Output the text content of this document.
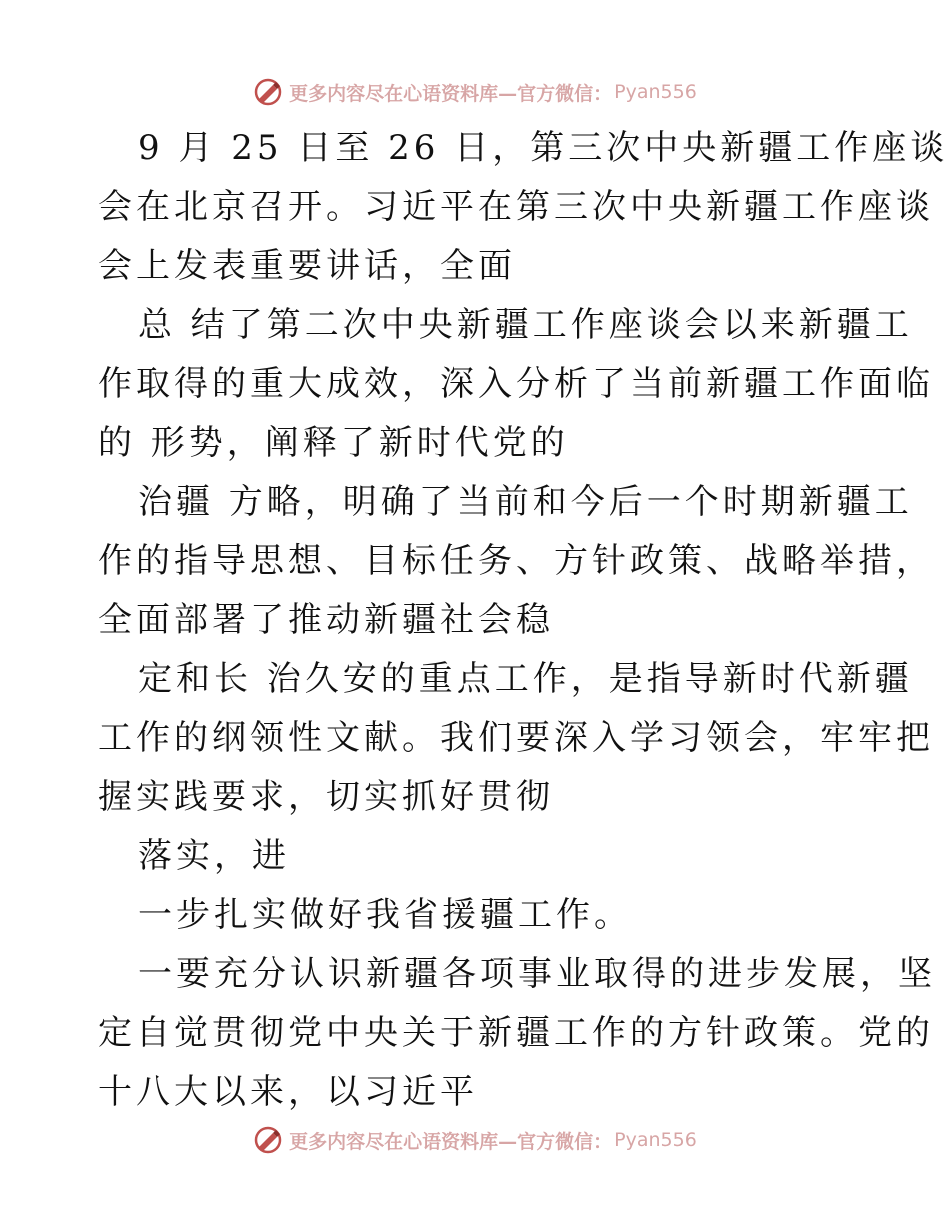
更多内容尽在心语资料库—官方微信： Pyan556
9 月 25 日至 26 日，第三次中央新疆工作座谈
会在北京召开。习近平在第三次中央新疆工作座谈
会上发表重要讲话，全面
总 结了第二次中央新疆工作座谈会以来新疆工
作取得的重大成效，深入分析了当前新疆工作面临
的 形势，阐释了新时代党的
治疆 方略，明确了当前和今后一个时期新疆工
作的指导思想、目标任务、方针政策、战略举措，
全面部署了推动新疆社会稳
定和长 治久安的重点工作，是指导新时代新疆
工作的纲领性文献。我们要深入学习领会，牢牢把
握实践要求，切实抓好贯彻
落实，进
一步扎实做好我省援疆工作。
一要充分认识新疆各项事业取得的进步发展，坚
定自觉贯彻党中央关于新疆工作的方针政策。党的
十八大以来，以习近平
更多内容尽在心语资料库—官方微信： Pyan556
